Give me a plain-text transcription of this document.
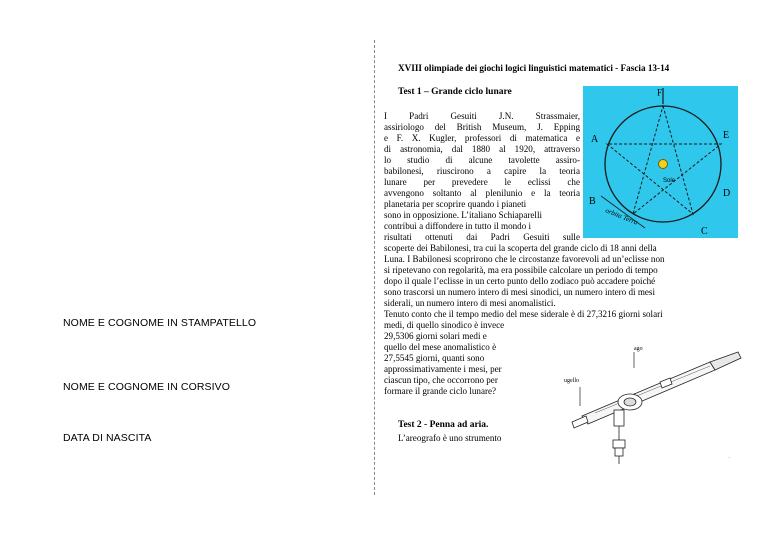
NOME E COGNOME IN STAMPATELLO
NOME E COGNOME IN CORSIVO
DATA DI NASCITA
XVIII olimpiade dei giochi logici linguistici matematici - Fascia 13-14
Test 1 – Grande ciclo lunare
I Padri Gesuiti J.N. Strassmaier,
assiriologo del British Museum, J. Epping
e F. X. Kugler, professori di matematica e
di astronomia, dal 1880 al 1920, attraverso
lo studio di alcune tavolette assiro-
babilonesi, riuscirono a capire la teoria
lunare per prevedere le eclissi che
avvengono soltanto al plenilunio e la teoria
planetaria per scoprire quando i pianeti
sono in opposizione. L’italiano Schiaparelli
contribuì a diffondere in tutto il mondo i
risultati ottenuti dai Padri Gesuiti sulle
scoperte dei Babilonesi, tra cui la scoperta del grande ciclo di 18 anni della
Luna. I Babilonesi scoprirono che le circostanze favorevoli ad un’eclisse non
si ripetevano con regolarità, ma era possibile calcolare un periodo di tempo
dopo il quale l’eclisse in un certo punto dello zodiaco può accadere poiché
sono trascorsi un numero intero di mesi sinodici, un numero intero di mesi
siderali, un numero intero di mesi anomalistici.
Tenuto conto che il tempo medio del mese siderale è di 27,3216 giorni solari
medi, di quello sinodico è invece
29,5306 giorni solari medi e
quello del mese anomalistico è
27,5545 giorni, quanti sono
approssimativamente i mesi, per
ciascun tipo, che occorrono per
formare il grande ciclo lunare?
F
A	E
D
B
C
Sole
orbita Terra
ago
ugello
·
Test 2 - Penna ad aria.
L’areografo è uno strumento
